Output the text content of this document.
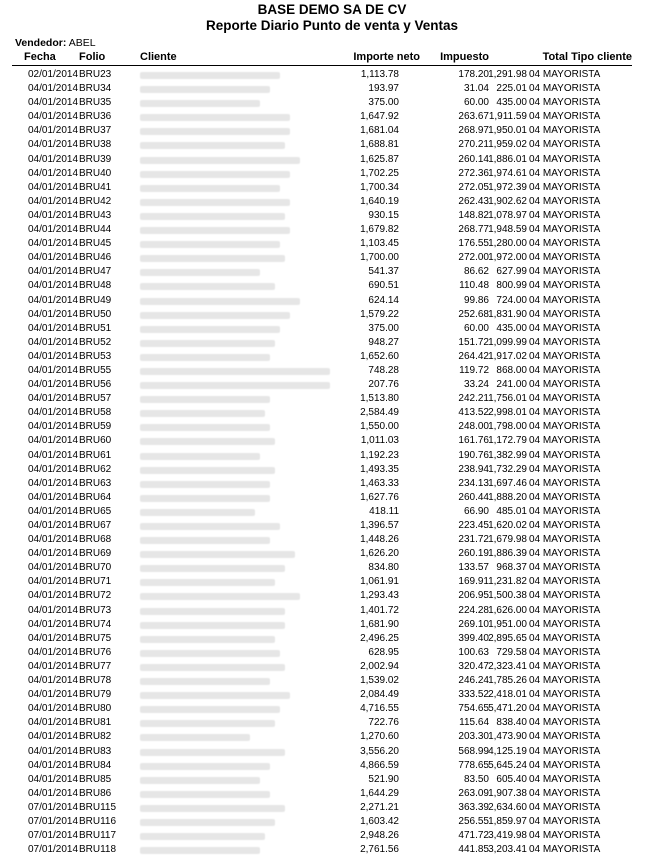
BASE DEMO SA DE CV
Reporte Diario Punto de venta y Ventas
Vendedor: ABEL
Fecha Folio	Cliente	Importe neto Impuesto	Total Tipo cliente
02/01/2014 BRU23	1,113.78	178.20 1,291.98 04 MAYORISTA
04/01/2014 BRU34	193.97	31.04 225.01 04 MAYORISTA
04/01/2014 BRU35	375.00	60.00 435.00 04 MAYORISTA
04/01/2014 BRU36	1,647.92	263.67 1,911.59 04 MAYORISTA
04/01/2014 BRU37	1,681.04	268.97 1,950.01 04 MAYORISTA
04/01/2014 BRU38	1,688.81	270.21 1,959.02 04 MAYORISTA
04/01/2014 BRU39	1,625.87	260.14 1,886.01 04 MAYORISTA
04/01/2014 BRU40	1,702.25	272.36 1,974.61 04 MAYORISTA
04/01/2014 BRU41	1,700.34	272.05 1,972.39 04 MAYORISTA
04/01/2014 BRU42	1,640.19	262.43 1,902.62 04 MAYORISTA
04/01/2014 BRU43	930.15	148.82 1,078.97 04 MAYORISTA
04/01/2014 BRU44	1,679.82	268.77 1,948.59 04 MAYORISTA
04/01/2014 BRU45	1,103.45	176.55 1,280.00 04 MAYORISTA
04/01/2014 BRU46	1,700.00	272.00 1,972.00 04 MAYORISTA
04/01/2014 BRU47	541.37	86.62 627.99 04 MAYORISTA
04/01/2014 BRU48	690.51	110.48 800.99 04 MAYORISTA
04/01/2014 BRU49	624.14	99.86 724.00 04 MAYORISTA
04/01/2014 BRU50	1,579.22	252.68 1,831.90 04 MAYORISTA
04/01/2014 BRU51	375.00	60.00 435.00 04 MAYORISTA
04/01/2014 BRU52	948.27	151.72 1,099.99 04 MAYORISTA
04/01/2014 BRU53	1,652.60	264.42 1,917.02 04 MAYORISTA
04/01/2014 BRU55	748.28	119.72 868.00 04 MAYORISTA
04/01/2014 BRU56	207.76	33.24 241.00 04 MAYORISTA
04/01/2014 BRU57	1,513.80	242.21 1,756.01 04 MAYORISTA
04/01/2014 BRU58	2,584.49	413.52 2,998.01 04 MAYORISTA
04/01/2014 BRU59	1,550.00	248.00 1,798.00 04 MAYORISTA
04/01/2014 BRU60	1,011.03	161.76 1,172.79 04 MAYORISTA
04/01/2014 BRU61	1,192.23	190.76 1,382.99 04 MAYORISTA
04/01/2014 BRU62	1,493.35	238.94 1,732.29 04 MAYORISTA
04/01/2014 BRU63	1,463.33	234.13 1,697.46 04 MAYORISTA
04/01/2014 BRU64	1,627.76	260.44 1,888.20 04 MAYORISTA
04/01/2014 BRU65	418.11	66.90 485.01 04 MAYORISTA
04/01/2014 BRU67	1,396.57	223.45 1,620.02 04 MAYORISTA
04/01/2014 BRU68	1,448.26	231.72 1,679.98 04 MAYORISTA
04/01/2014 BRU69	1,626.20	260.19 1,886.39 04 MAYORISTA
04/01/2014 BRU70	834.80	133.57 968.37 04 MAYORISTA
04/01/2014 BRU71	1,061.91	169.91 1,231.82 04 MAYORISTA
04/01/2014 BRU72	1,293.43	206.95 1,500.38 04 MAYORISTA
04/01/2014 BRU73	1,401.72	224.28 1,626.00 04 MAYORISTA
04/01/2014 BRU74	1,681.90	269.10 1,951.00 04 MAYORISTA
04/01/2014 BRU75	2,496.25	399.40 2,895.65 04 MAYORISTA
04/01/2014 BRU76	628.95	100.63 729.58 04 MAYORISTA
04/01/2014 BRU77	2,002.94	320.47 2,323.41 04 MAYORISTA
04/01/2014 BRU78	1,539.02	246.24 1,785.26 04 MAYORISTA
04/01/2014 BRU79	2,084.49	333.52 2,418.01 04 MAYORISTA
04/01/2014 BRU80	4,716.55	754.65 5,471.20 04 MAYORISTA
04/01/2014 BRU81	722.76	115.64 838.40 04 MAYORISTA
04/01/2014 BRU82	1,270.60	203.30 1,473.90 04 MAYORISTA
04/01/2014 BRU83	3,556.20	568.99 4,125.19 04 MAYORISTA
04/01/2014 BRU84	4,866.59	778.65 5,645.24 04 MAYORISTA
04/01/2014 BRU85	521.90	83.50 605.40 04 MAYORISTA
04/01/2014 BRU86	1,644.29	263.09 1,907.38 04 MAYORISTA
07/01/2014 BRU115	2,271.21	363.39 2,634.60 04 MAYORISTA
07/01/2014 BRU116	1,603.42	256.55 1,859.97 04 MAYORISTA
07/01/2014 BRU117	2,948.26	471.72 3,419.98 04 MAYORISTA
07/01/2014 BRU118	2,761.56	441.85 3,203.41 04 MAYORISTA
